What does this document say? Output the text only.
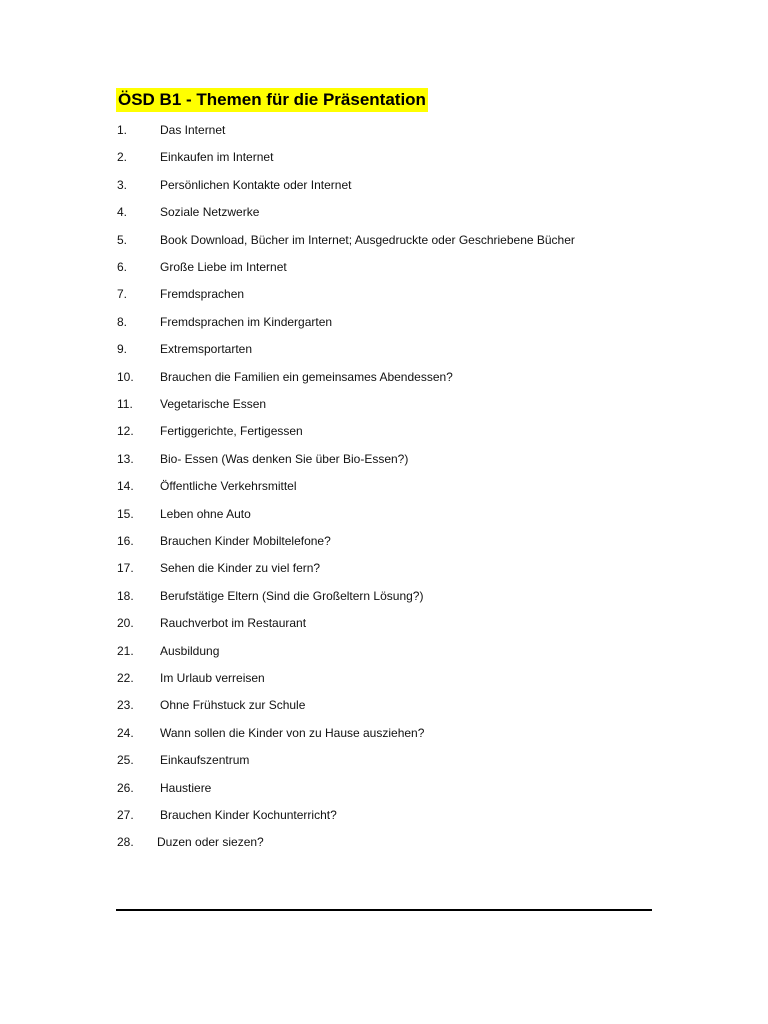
ÖSD B1 - Themen für die Präsentation
1.	Das Internet
2.	Einkaufen im Internet
3.	Persönlichen Kontakte oder Internet
4.	Soziale Netzwerke
5.	Book Download, Bücher im Internet; Ausgedruckte oder Geschriebene Bücher
6.	Große Liebe im Internet
7.	Fremdsprachen
8.	Fremdsprachen im Kindergarten
9.	Extremsportarten
10. Brauchen die Familien ein gemeinsames Abendessen?
11. Vegetarische Essen
12. Fertiggerichte, Fertigessen
13. Bio- Essen (Was denken Sie über Bio-Essen?)
14. Öffentliche Verkehrsmittel
15. Leben ohne Auto
16. Brauchen Kinder Mobiltelefone?
17. Sehen die Kinder zu viel fern?
18. Berufstätige Eltern (Sind die Großeltern Lösung?)
20. Rauchverbot im Restaurant
21. Ausbildung
22. Im Urlaub verreisen
23. Ohne Frühstuck zur Schule
24. Wann sollen die Kinder von zu Hause ausziehen?
25. Einkaufszentrum
26. Haustiere
27. Brauchen Kinder Kochunterricht?
28. Duzen oder siezen?
